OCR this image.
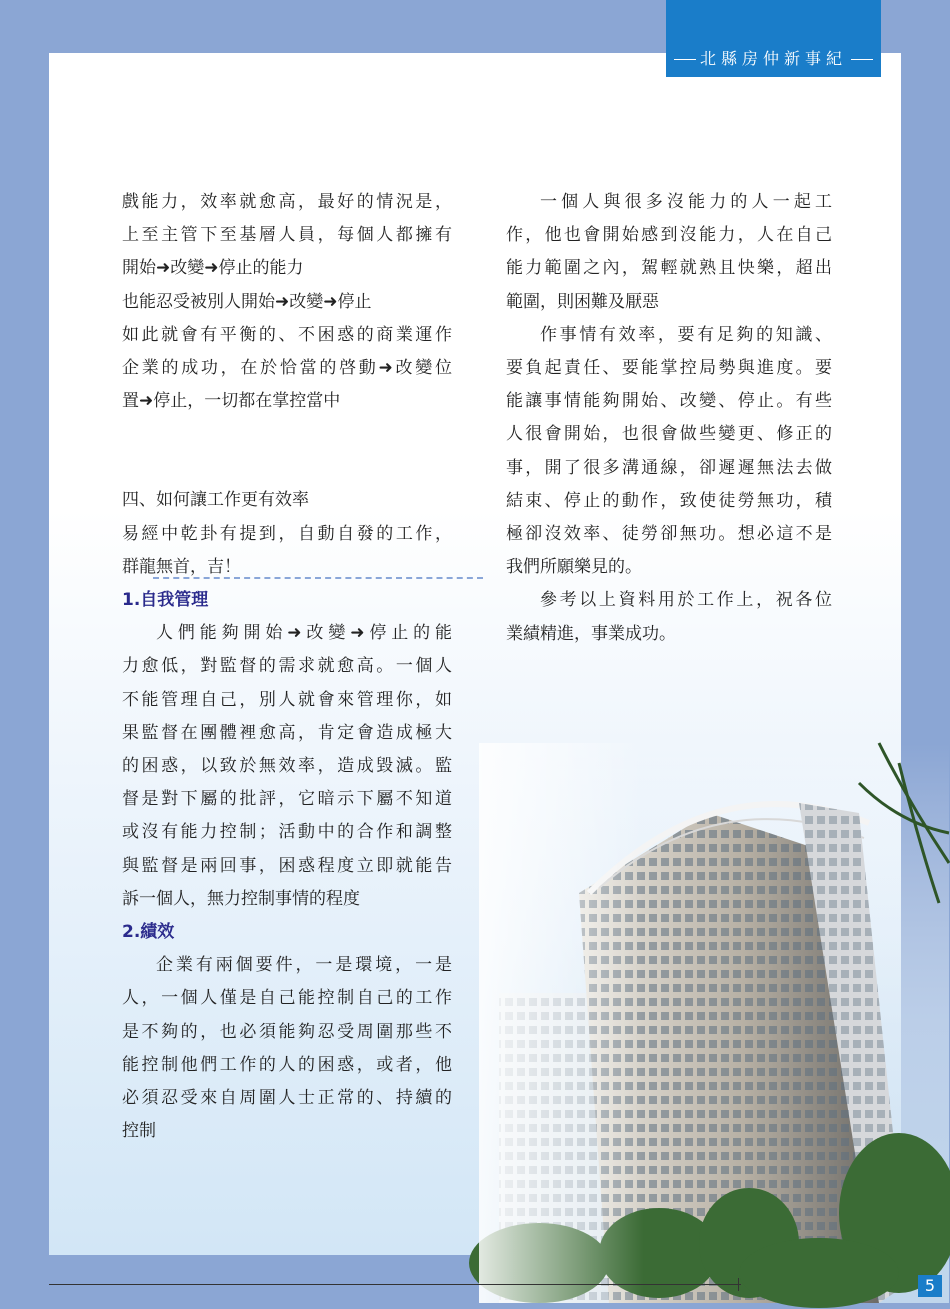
5
北縣房仲新事紀

戲能力，效率就愈高，最好的情況是，

上至主管下至基層人員，每個人都擁有

開始➜改變➜停止的能力

也能忍受被別人開始➜改變➜停止

如此就會有平衡的、不困惑的商業運作

企業的成功，在於恰當的啓動➜改變位

置➜停止，一切都在掌控當中

四、如何讓工作更有效率

易經中乾卦有提到，自動自發的工作，

群龍無首，吉！

1.自我管理

人們能夠開始➜改變➜停止的能

力愈低，對監督的需求就愈高。一個人

不能管理自己，別人就會來管理你，如

果監督在團體裡愈高，肯定會造成極大

的困惑，以致於無效率，造成毀滅。監

督是對下屬的批評，它暗示下屬不知道

或沒有能力控制；活動中的合作和調整

與監督是兩回事，困惑程度立即就能告

訴一個人，無力控制事情的程度

2.績效

企業有兩個要件，一是環境，一是

人，一個人僅是自己能控制自己的工作

是不夠的，也必須能夠忍受周圍那些不

能控制他們工作的人的困惑，或者，他

必須忍受來自周圍人士正常的、持續的

控制

一個人與很多沒能力的人一起工

作，他也會開始感到沒能力，人在自己

能力範圍之內，駕輕就熟且快樂，超出

範圍，則困難及厭惡

作事情有效率，要有足夠的知識、

要負起責任、要能掌控局勢與進度。要

能讓事情能夠開始、改變、停止。有些

人很會開始，也很會做些變更、修正的

事，開了很多溝通線，卻遲遲無法去做

結束、停止的動作，致使徒勞無功，積

極卻沒效率、徒勞卻無功。想必這不是

我們所願樂見的。

參考以上資料用於工作上，祝各位

業績精進，事業成功。
